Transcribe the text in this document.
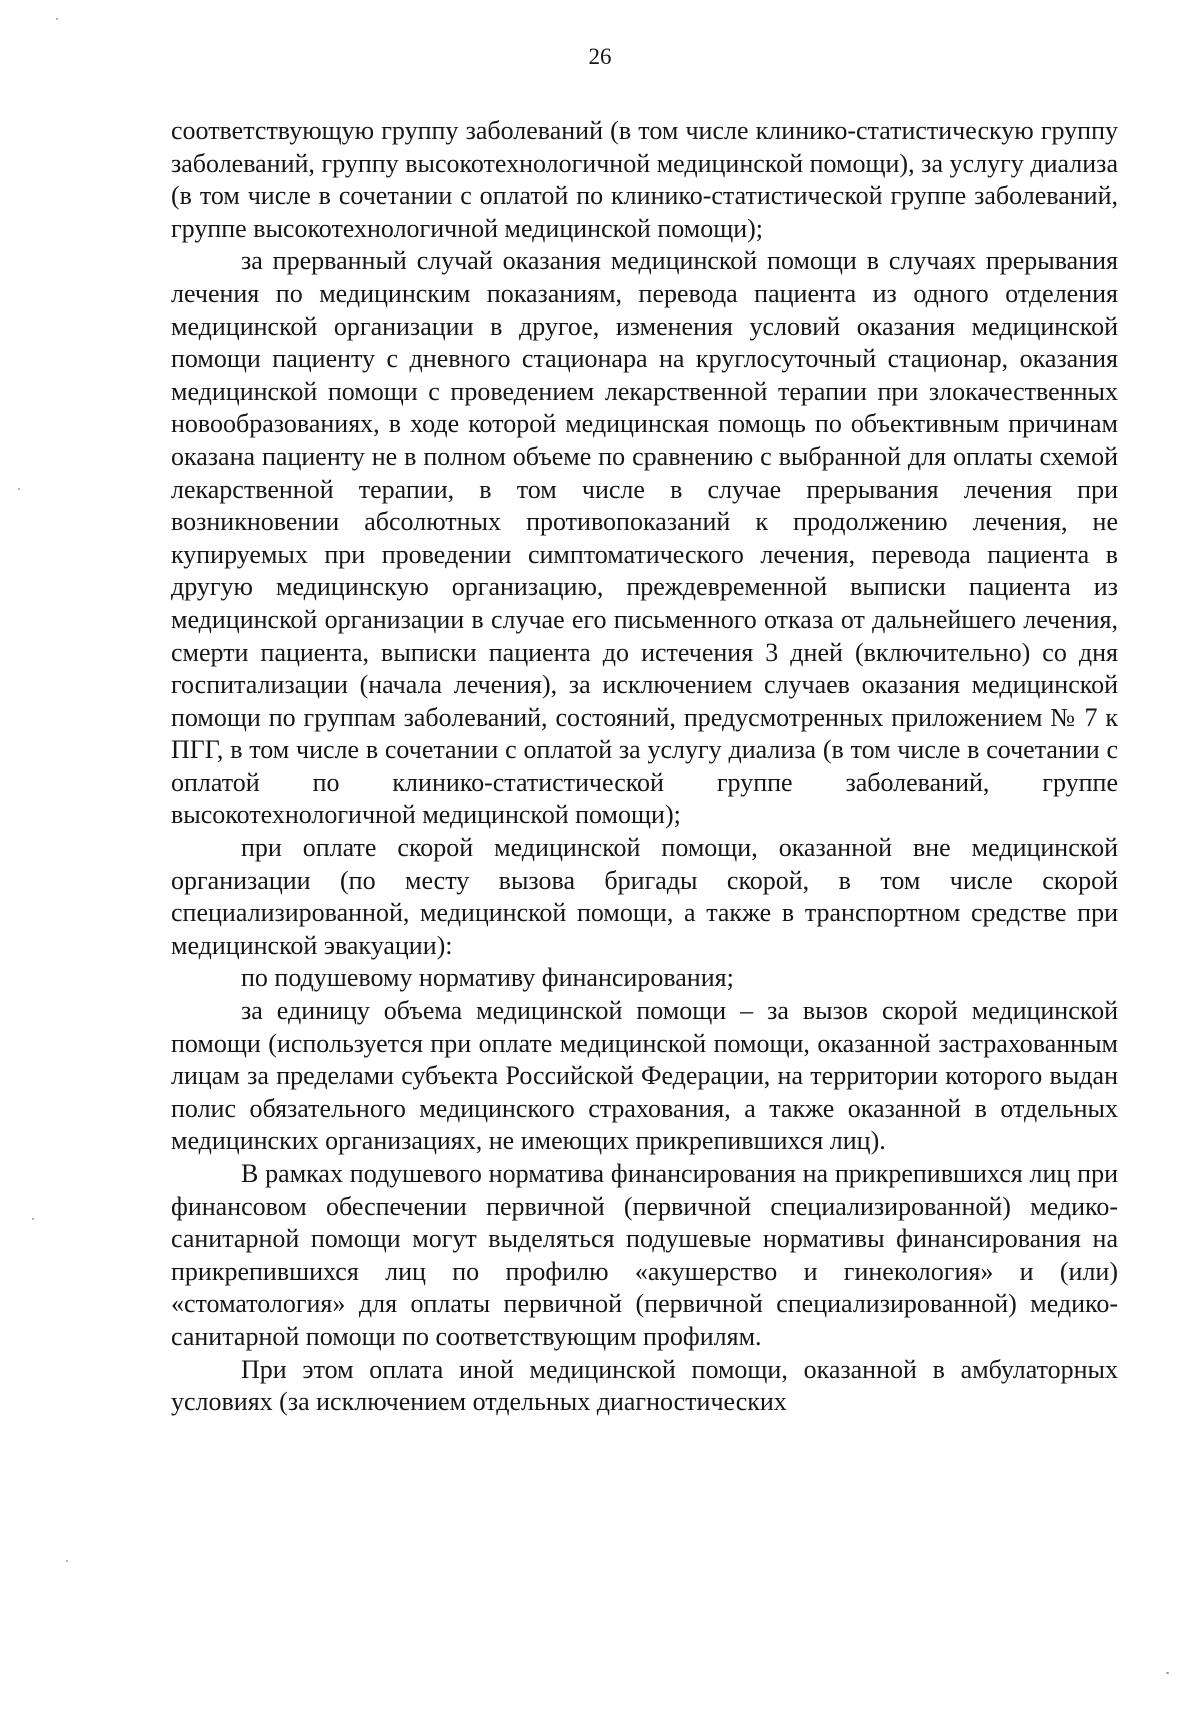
26

соответствующую группу заболеваний (в том числе клинико-статистическую группу заболеваний, группу высокотехнологичной медицинской помощи), за услугу диализа (в том числе в сочетании с оплатой по клинико-статистической группе заболеваний, группе высокотехнологичной медицинской помощи);

за прерванный случай оказания медицинской помощи в случаях прерывания лечения по медицинским показаниям, перевода пациента из одного отделения медицинской организации в другое, изменения условий оказания медицинской помощи пациенту с дневного стационара на круглосуточный стационар, оказания медицинской помощи с проведением лекарственной терапии при злокачественных новообразованиях, в ходе которой медицинская помощь по объективным причинам оказана пациенту не в полном объеме по сравнению с выбранной для оплаты схемой лекарственной терапии, в том числе в случае прерывания лечения при возникновении абсолютных противопоказаний к продолжению лечения, не купируемых при проведении симптоматического лечения, перевода пациента в другую медицинскую организацию, преждевременной выписки пациента из медицинской организации в случае его письменного отказа от дальнейшего лечения, смерти пациента, выписки пациента до истечения 3 дней (включительно) со дня госпитализации (начала лечения), за исключением случаев оказания медицинской помощи по группам заболеваний, состояний, предусмотренных приложением № 7 к ПГГ, в том числе в сочетании с оплатой за услугу диализа (в том числе в сочетании с оплатой по клинико-статистической группе заболеваний, группе высокотехнологичной медицинской помощи);

при оплате скорой медицинской помощи, оказанной вне медицинской организации (по месту вызова бригады скорой, в том числе скорой специализированной, медицинской помощи, а также в транспортном средстве при медицинской эвакуации):

по подушевому нормативу финансирования;

за единицу объема медицинской помощи – за вызов скорой медицинской помощи (используется при оплате медицинской помощи, оказанной застрахованным лицам за пределами субъекта Российской Федерации, на территории которого выдан полис обязательного медицинского страхования, а также оказанной в отдельных медицинских организациях, не имеющих прикрепившихся лиц).

В рамках подушевого норматива финансирования на прикрепившихся лиц при финансовом обеспечении первичной (первичной специализированной) медико-санитарной помощи могут выделяться подушевые нормативы финансирования на прикрепившихся лиц по профилю «акушерство и гинекология» и (или) «стоматология» для оплаты первичной (первичной специализированной) медико-санитарной помощи по соответствующим профилям.

При этом оплата иной медицинской помощи, оказанной в амбулаторных условиях (за исключением отдельных диагностических
